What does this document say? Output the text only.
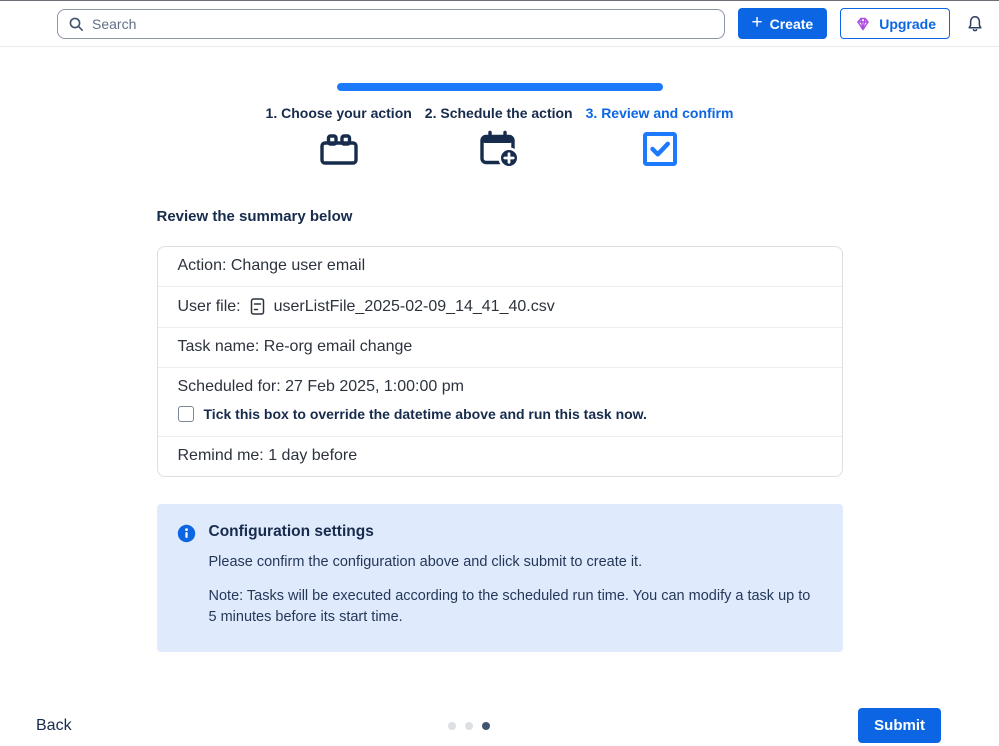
Search
+ Create	Upgrade
1. Choose your action 2. Schedule the action 3. Review and confirm
Review the summary below
Action: Change user email
User file: userListFile_2025-02-09_14_41_40.csv
Task name: Re-org email change
Scheduled for: 27 Feb 2025, 1:00:00 pm
Tick this box to override the datetime above and run this task now.
Remind me: 1 day before
Configuration settings
Please confirm the configuration above and click submit to create it.
Note: Tasks will be executed according to the scheduled run time. You can modify a task up to 5 minutes before its start time.
Back	Submit
